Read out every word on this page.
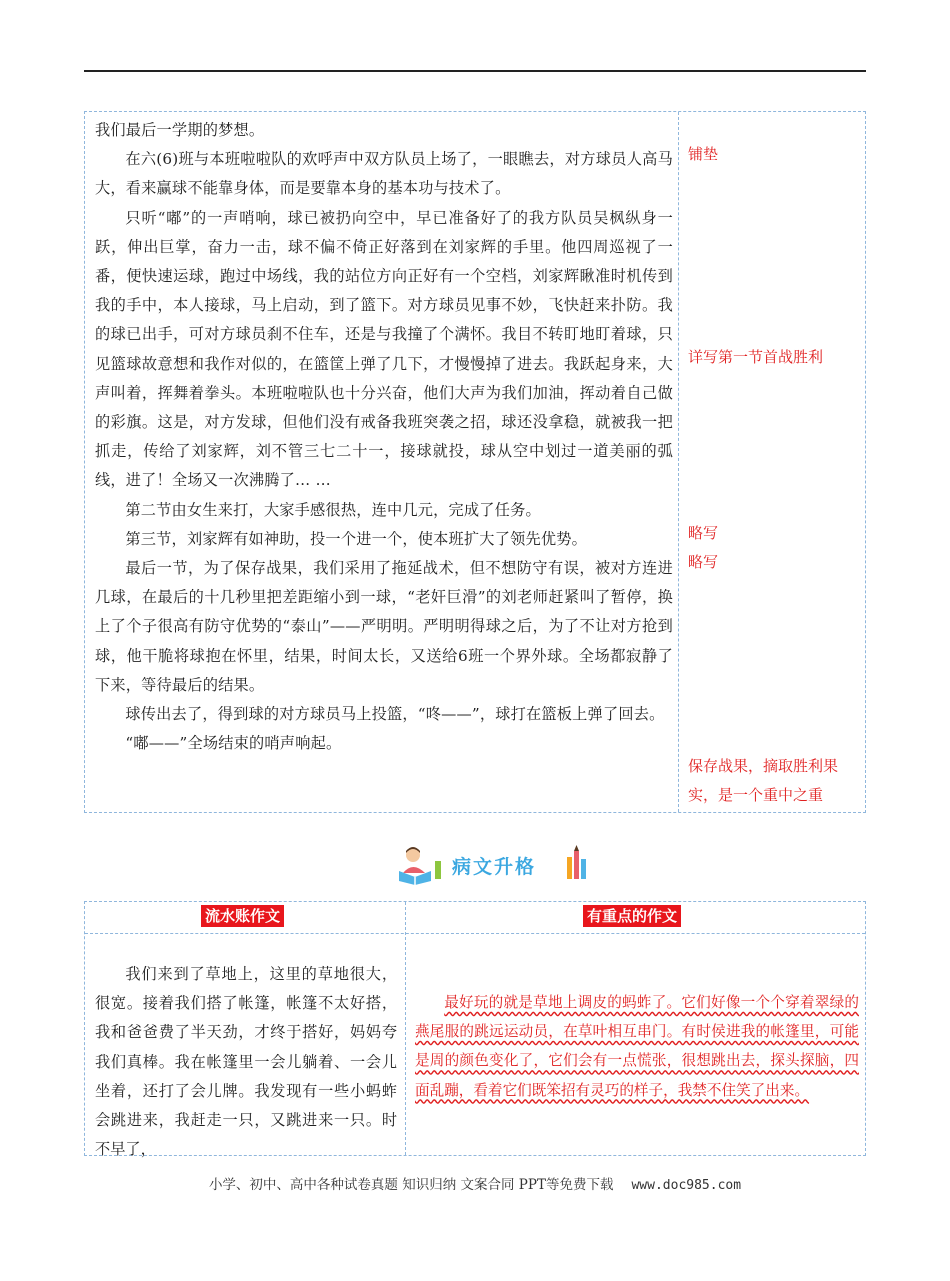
我们最后一学期的梦想。

在六(6)班与本班啦啦队的欢呼声中双方队员上场了，一眼瞧去，对方球员人高马大，看来赢球不能靠身体，而是要靠本身的基本功与技术了。

只听“嘟”的一声哨响，球已被扔向空中，早已准备好了的我方队员吴枫纵身一跃，伸出巨掌，奋力一击，球不偏不倚正好落到在刘家辉的手里。他四周巡视了一番，便快速运球，跑过中场线，我的站位方向正好有一个空档，刘家辉瞅准时机传到我的手中，本人接球，马上启动，到了篮下。对方球员见事不妙，飞快赶来扑防。我的球已出手，可对方球员刹不住车，还是与我撞了个满怀。我目不转盯地盯着球，只见篮球故意想和我作对似的，在篮筐上弹了几下，才慢慢掉了进去。我跃起身来，大声叫着，挥舞着拳头。本班啦啦队也十分兴奋，他们大声为我们加油，挥动着自己做的彩旗。这是，对方发球，但他们没有戒备我班突袭之招，球还没拿稳，就被我一把抓走，传给了刘家辉，刘不管三七二十一，接球就投，球从空中划过一道美丽的弧线，进了！全场又一次沸腾了… …

第二节由女生来打，大家手感很热，连中几元，完成了任务。

第三节，刘家辉有如神助，投一个进一个，使本班扩大了领先优势。

最后一节，为了保存战果，我们采用了拖延战术，但不想防守有误，被对方连进几球，在最后的十几秒里把差距缩小到一球，“老奸巨滑”的刘老师赶紧叫了暂停，换上了个子很高有防守优势的“泰山”——严明明。严明明得球之后，为了不让对方抢到球，他干脆将球抱在怀里，结果，时间太长，又送给6班一个界外球。全场都寂静了下来，等待最后的结果。

球传出去了，得到球的对方球员马上投篮，“咚——”，球打在篮板上弹了回去。

“嘟——”全场结束的哨声响起。

铺垫
详写第一节首战胜利
略写
略写
保存战果，摘取胜利果实，是一个重中之重
病文升格
流水账作文	有重点的作文
我们来到了草地上，这里的草地很大，很宽。接着我们搭了帐篷，帐篷不太好搭，我和爸爸费了半天劲，才终于搭好，妈妈夸我们真棒。我在帐篷里一会儿躺着、一会儿坐着，还打了会儿牌。我发现有一些小蚂蚱会跳进来，我赶走一只，又跳进来一只。时不早了，
最好玩的就是草地上调皮的蚂蚱了。它们好像一个个穿着翠绿的燕尾服的跳远运动员，在草叶相互串门。有时侯进我的帐篷里，可能是周的颜色变化了，它们会有一点慌张，很想跳出去，探头探脑，四面乱蹦，看着它们既笨招有灵巧的样子，我禁不住笑了出来。
小学、初中、高中各种试卷真题 知识归纳 文案合同 PPT等免费下载 www.doc985.com
